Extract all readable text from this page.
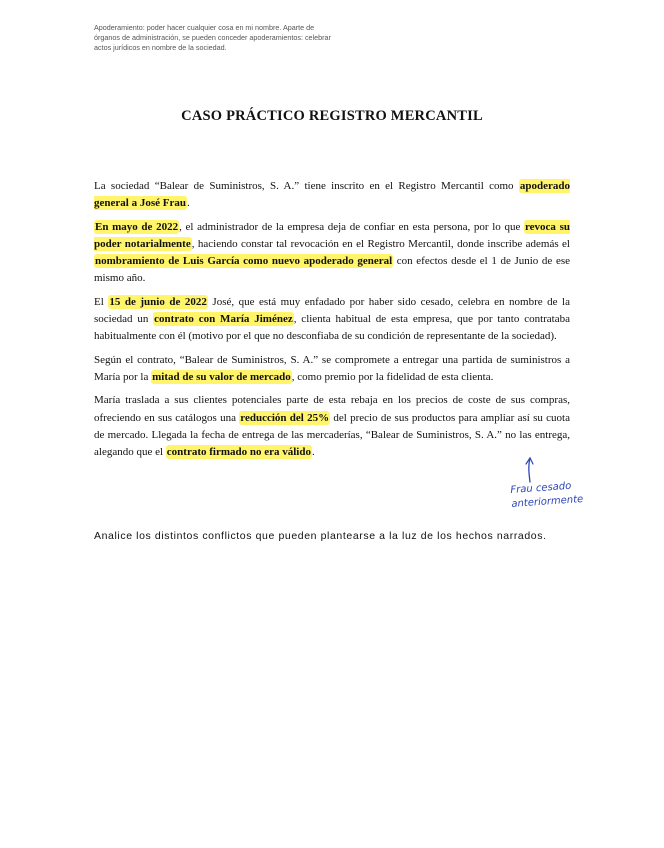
Apoderamiento: poder hacer cualquier cosa en mi nombre. Aparte de órganos de administración, se pueden conceder apoderamientos: celebrar actos jurídicos en nombre de la sociedad.
CASO PRÁCTICO REGISTRO MERCANTIL

La sociedad “Balear de Suministros, S. A.” tiene inscrito en el Registro Mercantil como apoderado general a José Frau.

En mayo de 2022, el administrador de la empresa deja de confiar en esta persona, por lo que revoca su poder notarialmente, haciendo constar tal revocación en el Registro Mercantil, donde inscribe además el nombramiento de Luis García como nuevo apoderado general con efectos desde el 1 de Junio de ese mismo año.

El 15 de junio de 2022 José, que está muy enfadado por haber sido cesado, celebra en nombre de la sociedad un contrato con María Jiménez, clienta habitual de esta empresa, que por tanto contrataba habitualmente con él (motivo por el que no desconfiaba de su condición de representante de la sociedad).

Según el contrato, “Balear de Suministros, S. A.” se compromete a entregar una partida de suministros a María por la mitad de su valor de mercado, como premio por la fidelidad de esta clienta.

María traslada a sus clientes potenciales parte de esta rebaja en los precios de coste de sus compras, ofreciendo en sus catálogos una reducción del 25% del precio de sus productos para ampliar así su cuota de mercado. Llegada la fecha de entrega de las mercaderías, “Balear de Suministros, S. A.” no las entrega, alegando que el contrato firmado no era válido.

Frau cesado anteriormente
Analice los distintos conflictos que pueden plantearse a la luz de los hechos narrados.
